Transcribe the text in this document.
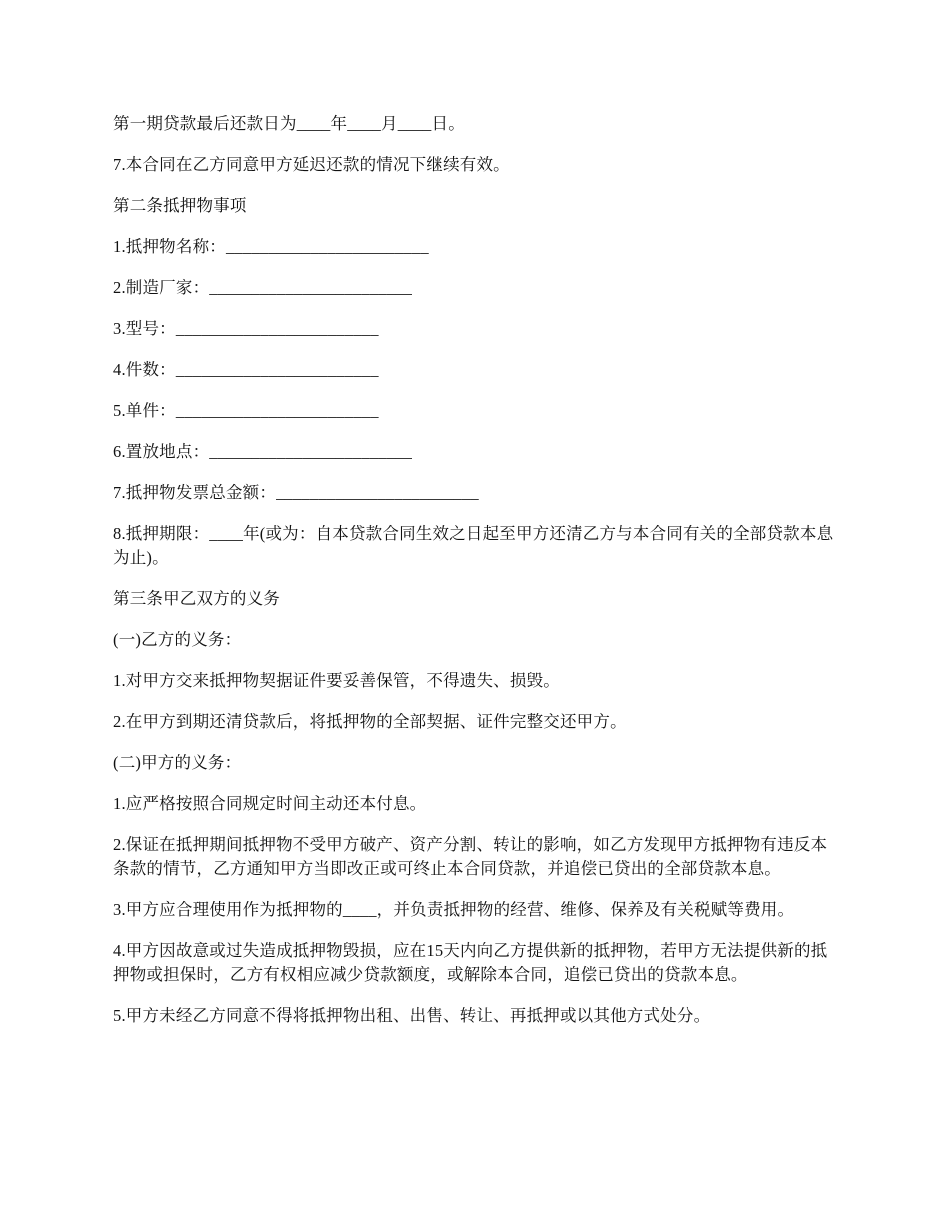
第一期贷款最后还款日为____年____月____日。

7.本合同在乙方同意甲方延迟还款的情况下继续有效。

第二条抵押物事项

1.抵押物名称：________________________

2.制造厂家：________________________

3.型号：________________________

4.件数：________________________

5.单件：________________________

6.置放地点：________________________

7.抵押物发票总金额：________________________

8.抵押期限：____年(或为：自本贷款合同生效之日起至甲方还清乙方与本合同有关的全部贷款本息为止)。

第三条甲乙双方的义务

(一)乙方的义务：

1.对甲方交来抵押物契据证件要妥善保管，不得遗失、损毁。

2.在甲方到期还清贷款后，将抵押物的全部契据、证件完整交还甲方。

(二)甲方的义务：

1.应严格按照合同规定时间主动还本付息。

2.保证在抵押期间抵押物不受甲方破产、资产分割、转让的影响，如乙方发现甲方抵押物有违反本条款的情节，乙方通知甲方当即改正或可终止本合同贷款，并追偿已贷出的全部贷款本息。

3.甲方应合理使用作为抵押物的____，并负责抵押物的经营、维修、保养及有关税赋等费用。

4.甲方因故意或过失造成抵押物毁损，应在15天内向乙方提供新的抵押物，若甲方无法提供新的抵押物或担保时，乙方有权相应减少贷款额度，或解除本合同，追偿已贷出的贷款本息。

5.甲方未经乙方同意不得将抵押物出租、出售、转让、再抵押或以其他方式处分。
